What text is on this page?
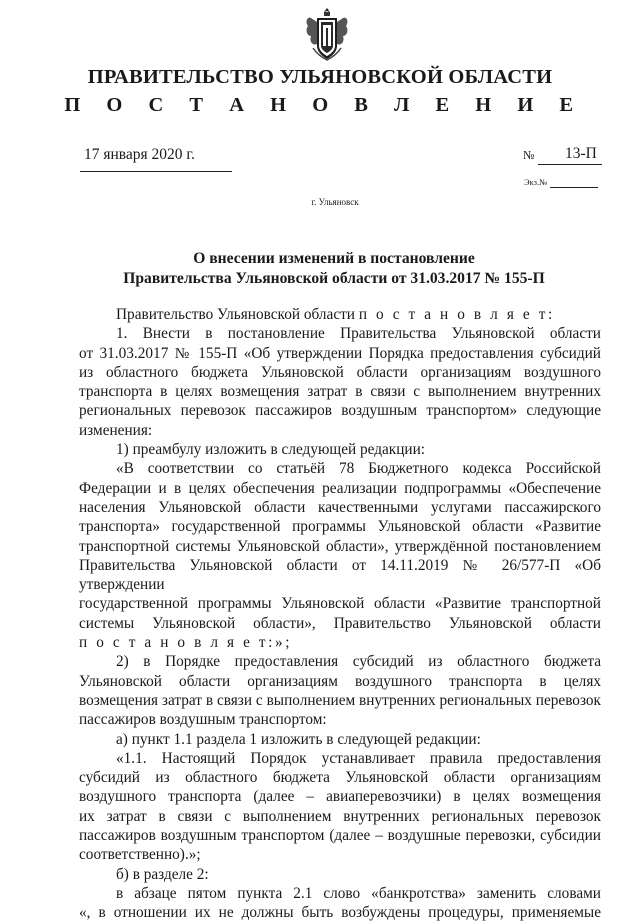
ПРАВИТЕЛЬСТВО УЛЬЯНОВСКОЙ ОБЛАСТИ
П О С Т А Н О В Л Е Н И Е
17 января 2020 г.	№ 13-П
Экз.№
г. Ульяновск
О внесении изменений в постановление
Правительства Ульяновской области от 31.03.2017 № 155-П

Правительство Ульяновской области п о с т а н о в л я е т:

1. Внести в постановление Правительства Ульяновской области

от 31.03.2017 № 155-П «Об утверждении Порядка предоставления субсидий

из областного бюджета Ульяновской области организациям воздушного

транспорта в целях возмещения затрат в связи с выполнением внутренних

региональных перевозок пассажиров воздушным транспортом» следующие

изменения:

1) преамбулу изложить в следующей редакции:

«В соответствии со статьёй 78 Бюджетного кодекса Российской

Федерации и в целях обеспечения реализации подпрограммы «Обеспечение

населения Ульяновской области качественными услугами пассажирского

транспорта» государственной программы Ульяновской области «Развитие

транспортной системы Ульяновской области», утверждённой постановлением

Правительства Ульяновской области от 14.11.2019 № 26/577-П «Об утверждении

государственной программы Ульяновской области «Развитие транспортной

системы Ульяновской области», Правительство Ульяновской области

п о с т а н о в л я е т:»;

2) в Порядке предоставления субсидий из областного бюджета

Ульяновской области организациям воздушного транспорта в целях

возмещения затрат в связи с выполнением внутренних региональных перевозок

пассажиров воздушным транспортом:

а) пункт 1.1 раздела 1 изложить в следующей редакции:

«1.1. Настоящий Порядок устанавливает правила предоставления

субсидий из областного бюджета Ульяновской области организациям

воздушного транспорта (далее – авиаперевозчики) в целях возмещения

их затрат в связи с выполнением внутренних региональных перевозок

пассажиров воздушным транспортом (далее – воздушные перевозки, субсидии

соответственно).»;

б) в разделе 2:

в абзаце пятом пункта 2.1 слово «банкротства» заменить словами

«, в отношении их не должны быть возбуждены процедуры, применяемые
